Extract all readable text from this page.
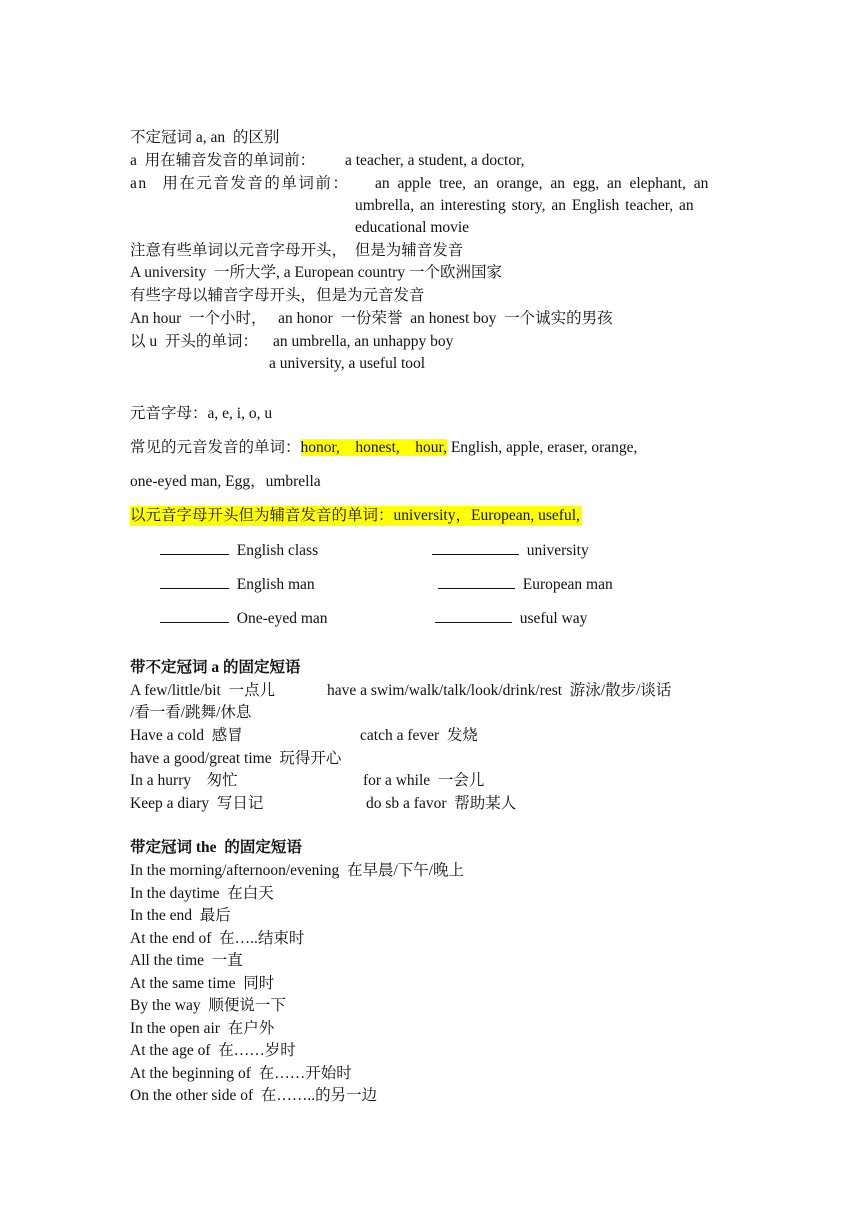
不定冠词 a, an  的区别
a  用在辅音发音的单词前： a teacher, a student, a doctor,
an  用在元音发音的单词前： an apple tree, an orange, an egg, an elephant, an
umbrella, an interesting story, an English teacher, an
educational movie
注意有些单词以元音字母开头，  但是为辅音发音
A university  一所大学, a European country 一个欧洲国家
有些字母以辅音字母开头，但是为元音发音
An hour  一个小时，   an honor  一份荣誉  an honest boy  一个诚实的男孩
以 u  开头的单词： an umbrella, an unhappy boy
a university, a useful tool
元音字母：a, e, i, o, u
常见的元音发音的单词：honor,    honest,    hour, English, apple, eraser, orange,
one-eyed man, Egg，umbrella
以元音字母开头但为辅音发音的单词：university，European, useful,
English class	university
English man	European man
One-eyed man	useful way
带不定冠词 a 的固定短语
A few/little/bit  一点儿	have a swim/walk/talk/look/drink/rest  游泳/散步/谈话
/看一看/跳舞/休息
Have a cold  感冒	catch a fever  发烧
have a good/great time  玩得开心
In a hurry    匆忙	for a while  一会儿
Keep a diary  写日记	do sb a favor  帮助某人
带定冠词 the  的固定短语
In the morning/afternoon/evening  在早晨/下午/晚上
In the daytime  在白天
In the end  最后
At the end of  在…..结束时
All the time  一直
At the same time  同时
By the way  顺便说一下
In the open air  在户外
At the age of  在……岁时
At the beginning of  在……开始时
On the other side of  在……..的另一边
